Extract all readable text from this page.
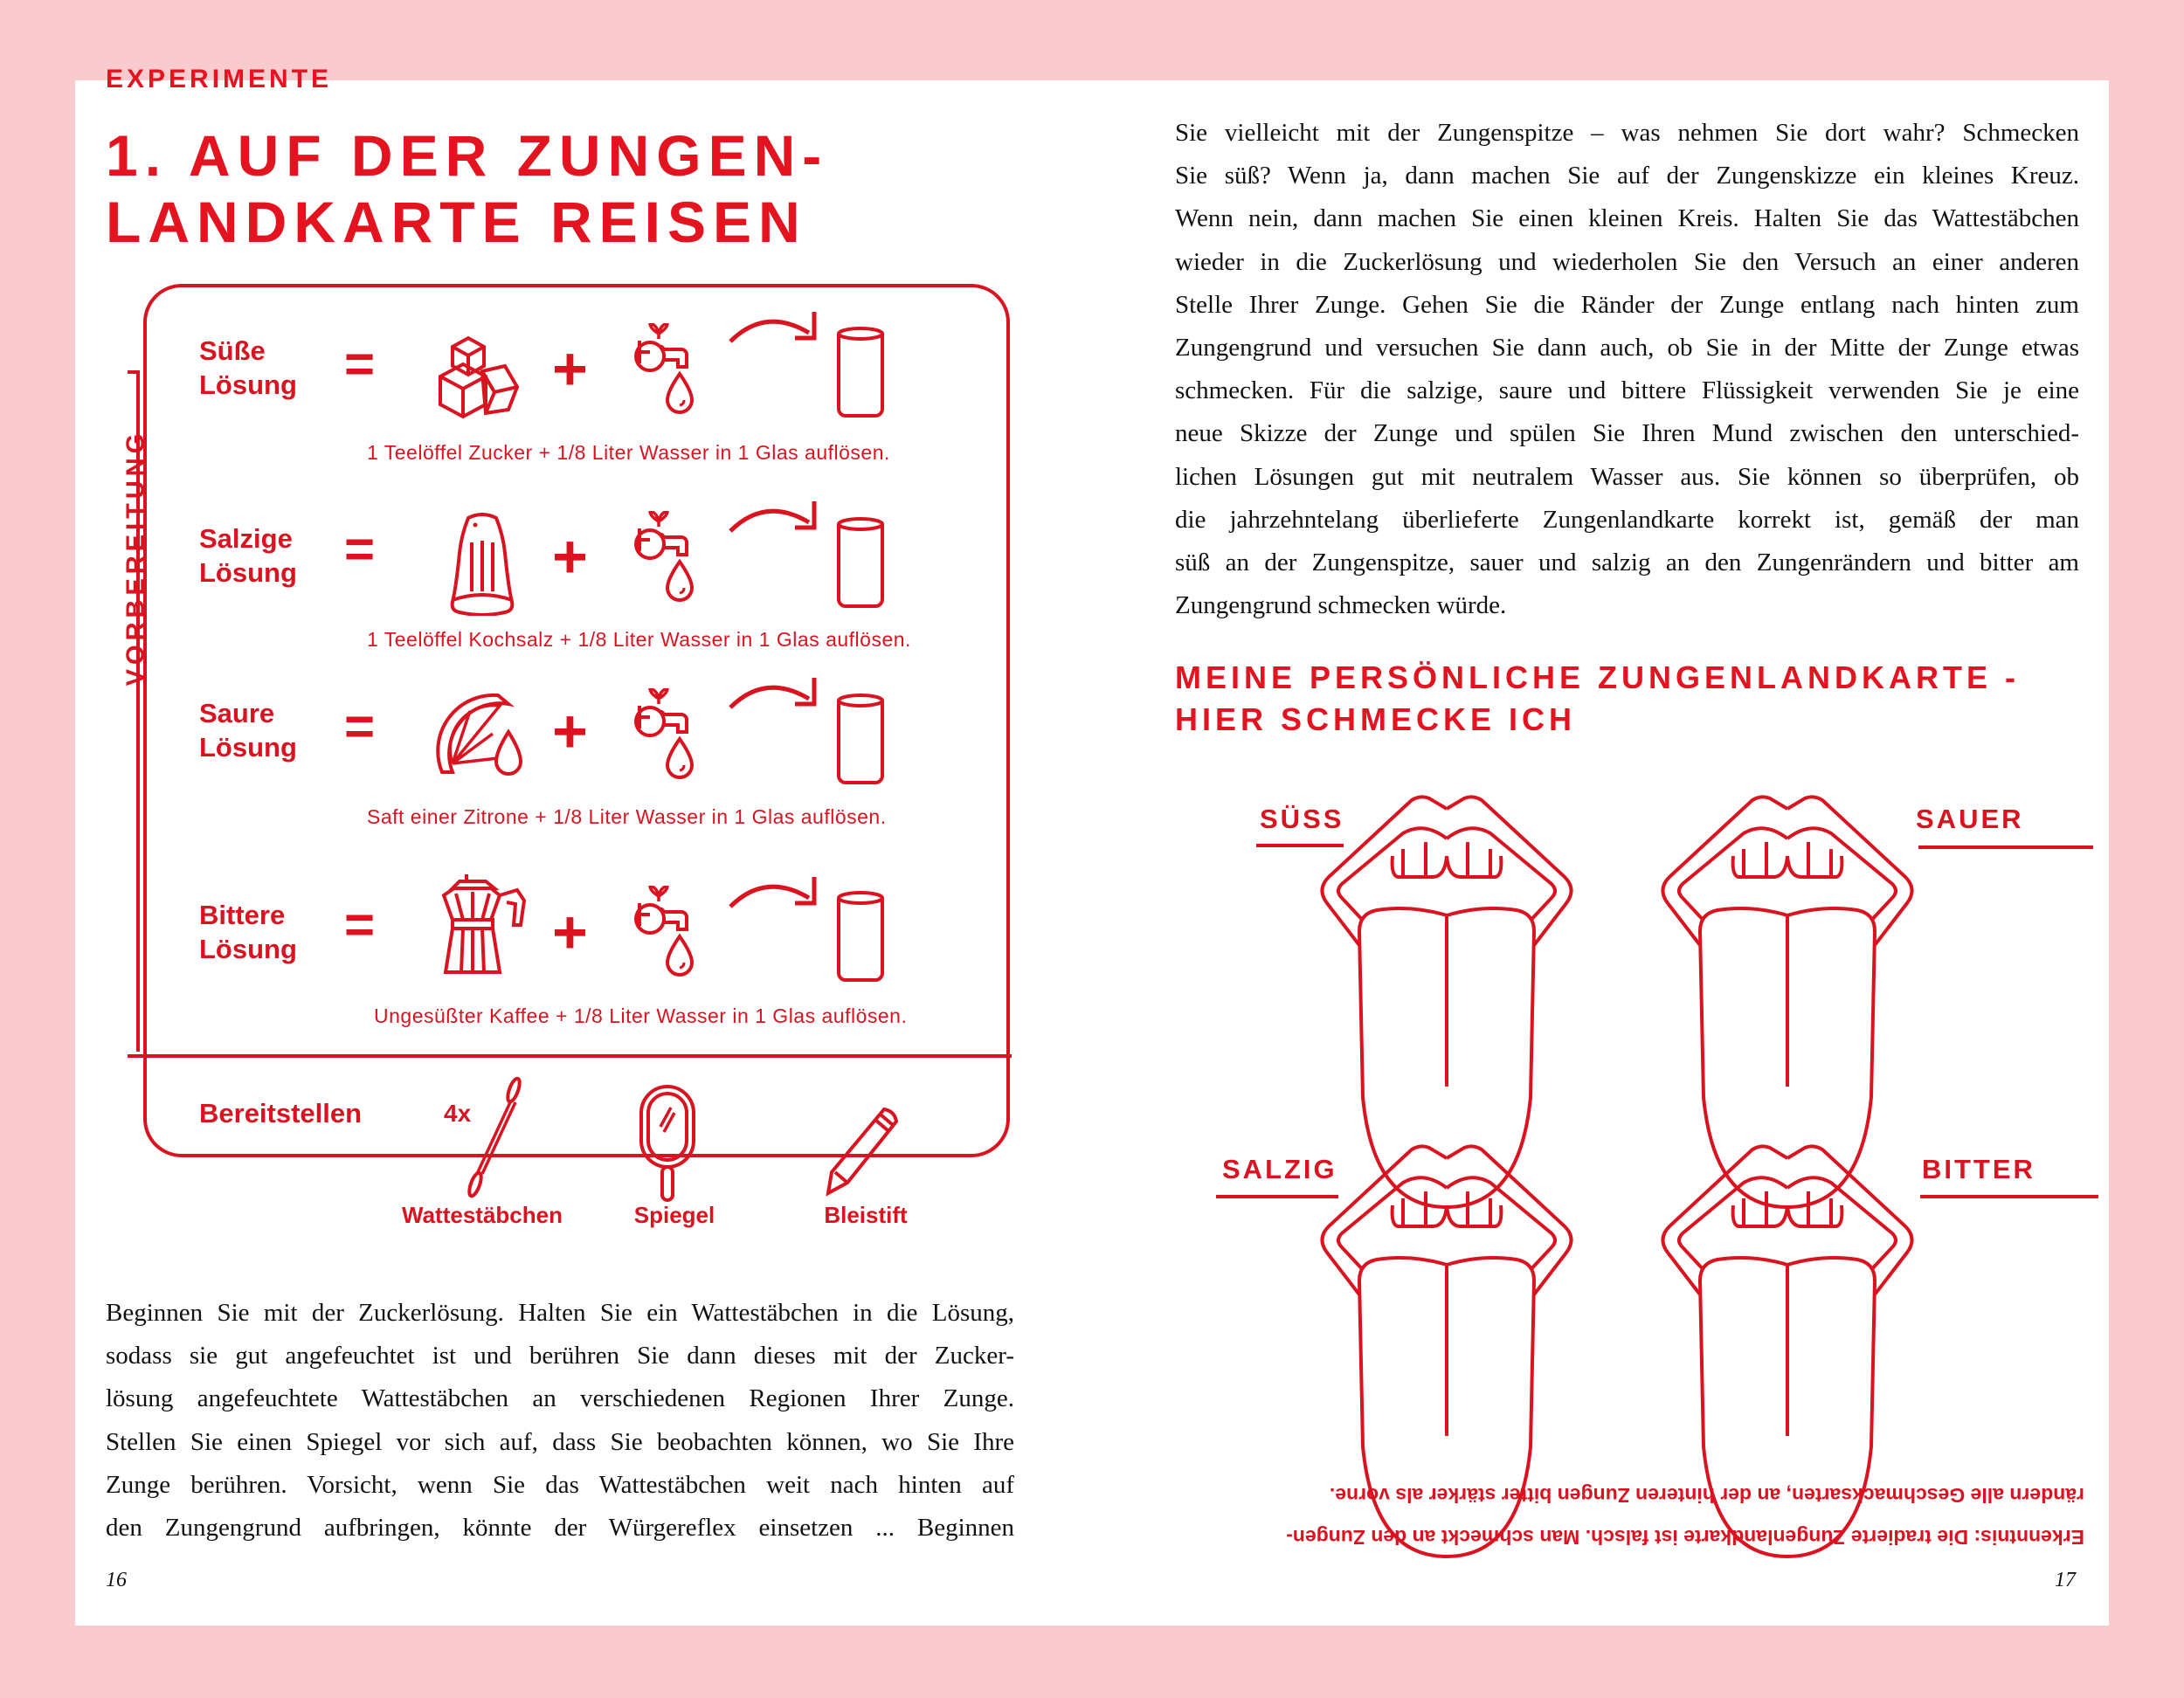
EXPERIMENTE
1. AUF DER ZUNGEN-
LANDKARTE REISEN
VORBEREITUNG
Süße
Lösung =	+
1 Teelöffel Zucker + 1/8 Liter Wasser in 1 Glas auflösen.
Salzige
Lösung =	+
1 Teelöffel Kochsalz + 1/8 Liter Wasser in 1 Glas auflösen.
Saure
Lösung =	+
Saft einer Zitrone + 1/8 Liter Wasser in 1 Glas auflösen.
Bittere
Lösung =	+
Ungesüßter Kaffee + 1/8 Liter Wasser in 1 Glas auflösen.
Bereitstellen	4x
Wattestäbchen	Spiegel	Bleistift
Beginnen Sie mit der Zuckerlösung. Halten Sie ein Wattestäbchen in die Lösung,
sodass sie gut angefeuchtet ist und berühren Sie dann dieses mit der Zucker-
lösung angefeuchtete Wattestäbchen an verschiedenen Regionen Ihrer Zunge.
Stellen Sie einen Spiegel vor sich auf, dass Sie beobachten können, wo Sie Ihre
Zunge berühren. Vorsicht, wenn Sie das Wattestäbchen weit nach hinten auf
den Zungengrund aufbringen, könnte der Würgereflex einsetzen ... Beginnen
16
Sie vielleicht mit der Zungenspitze – was nehmen Sie dort wahr? Schmecken
Sie süß? Wenn ja, dann machen Sie auf der Zungenskizze ein kleines Kreuz.
Wenn nein, dann machen Sie einen kleinen Kreis. Halten Sie das Wattestäbchen
wieder in die Zuckerlösung und wiederholen Sie den Versuch an einer anderen
Stelle Ihrer Zunge. Gehen Sie die Ränder der Zunge entlang nach hinten zum
Zungengrund und versuchen Sie dann auch, ob Sie in der Mitte der Zunge etwas
schmecken. Für die salzige, saure und bittere Flüssigkeit verwenden Sie je eine
neue Skizze der Zunge und spülen Sie Ihren Mund zwischen den unterschied-
lichen Lösungen gut mit neutralem Wasser aus. Sie können so überprüfen, ob
die jahrzehntelang überlieferte Zungenlandkarte korrekt ist, gemäß der man
süß an der Zungenspitze, sauer und salzig an den Zungenrändern und bitter am
Zungengrund schmecken würde.
MEINE PERSÖNLICHE ZUNGENLANDKARTE -
HIER SCHMECKE ICH
SÜSS	SAUER
SALZIG	BITTER
Erkenntnis: Die tradierte Zungenlandkarte ist falsch. Man schmeckt an den Zungen-
rändern alle Geschmacksarten, an der hinteren Zungen bitter stärker als vorne.
17
